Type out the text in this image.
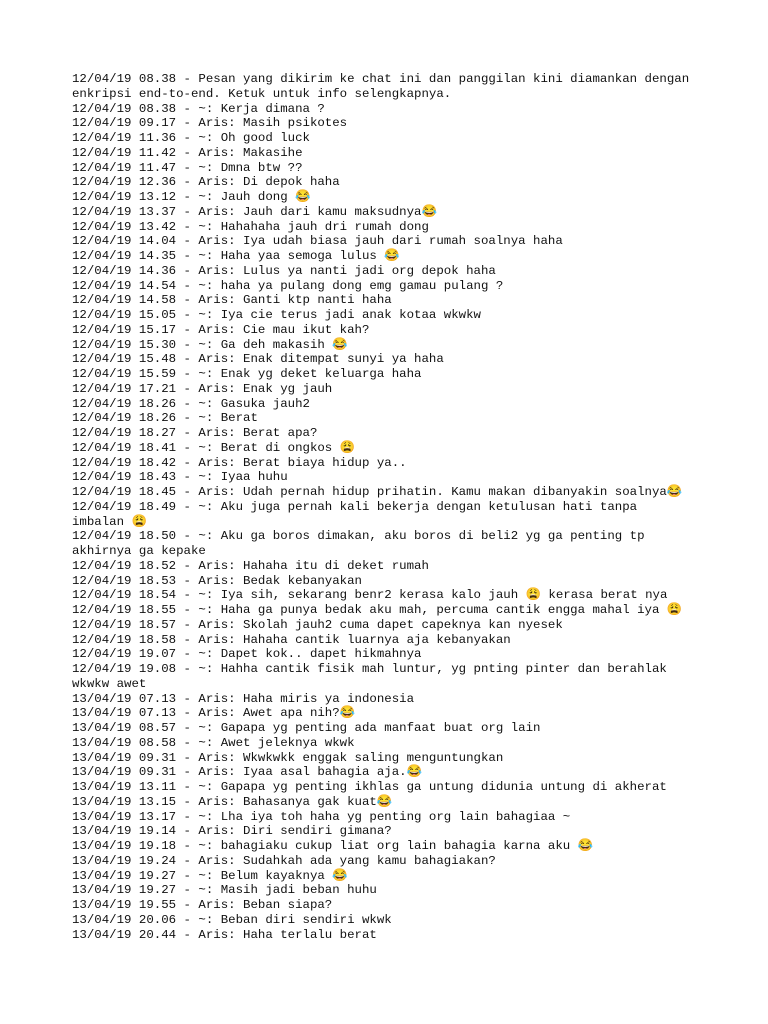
12/04/19 08.38 - Pesan yang dikirim ke chat ini dan panggilan kini diamankan dengan
enkripsi end-to-end. Ketuk untuk info selengkapnya.
12/04/19 08.38 - ~: Kerja dimana ?
12/04/19 09.17 - Aris: Masih psikotes
12/04/19 11.36 - ~: Oh good luck
12/04/19 11.42 - Aris: Makasihe
12/04/19 11.47 - ~: Dmna btw ??
12/04/19 12.36 - Aris: Di depok haha
12/04/19 13.12 - ~: Jauh dong 😂
12/04/19 13.37 - Aris: Jauh dari kamu maksudnya😂
12/04/19 13.42 - ~: Hahahaha jauh dri rumah dong
12/04/19 14.04 - Aris: Iya udah biasa jauh dari rumah soalnya haha
12/04/19 14.35 - ~: Haha yaa semoga lulus 😂
12/04/19 14.36 - Aris: Lulus ya nanti jadi org depok haha
12/04/19 14.54 - ~: haha ya pulang dong emg gamau pulang ?
12/04/19 14.58 - Aris: Ganti ktp nanti haha
12/04/19 15.05 - ~: Iya cie terus jadi anak kotaa wkwkw
12/04/19 15.17 - Aris: Cie mau ikut kah?
12/04/19 15.30 - ~: Ga deh makasih 😂
12/04/19 15.48 - Aris: Enak ditempat sunyi ya haha
12/04/19 15.59 - ~: Enak yg deket keluarga haha
12/04/19 17.21 - Aris: Enak yg jauh
12/04/19 18.26 - ~: Gasuka jauh2
12/04/19 18.26 - ~: Berat
12/04/19 18.27 - Aris: Berat apa?
12/04/19 18.41 - ~: Berat di ongkos 😩
12/04/19 18.42 - Aris: Berat biaya hidup ya..
12/04/19 18.43 - ~: Iyaa huhu
12/04/19 18.45 - Aris: Udah pernah hidup prihatin. Kamu makan dibanyakin soalnya😂
12/04/19 18.49 - ~: Aku juga pernah kali bekerja dengan ketulusan hati tanpa
imbalan 😩
12/04/19 18.50 - ~: Aku ga boros dimakan, aku boros di beli2 yg ga penting tp
akhirnya ga kepake
12/04/19 18.52 - Aris: Hahaha itu di deket rumah
12/04/19 18.53 - Aris: Bedak kebanyakan
12/04/19 18.54 - ~: Iya sih, sekarang benr2 kerasa kalo jauh 😩 kerasa berat nya
12/04/19 18.55 - ~: Haha ga punya bedak aku mah, percuma cantik engga mahal iya 😩
12/04/19 18.57 - Aris: Skolah jauh2 cuma dapet capeknya kan nyesek
12/04/19 18.58 - Aris: Hahaha cantik luarnya aja kebanyakan
12/04/19 19.07 - ~: Dapet kok.. dapet hikmahnya
12/04/19 19.08 - ~: Hahha cantik fisik mah luntur, yg pnting pinter dan berahlak
wkwkw awet
13/04/19 07.13 - Aris: Haha miris ya indonesia
13/04/19 07.13 - Aris: Awet apa nih?😂
13/04/19 08.57 - ~: Gapapa yg penting ada manfaat buat org lain
13/04/19 08.58 - ~: Awet jeleknya wkwk
13/04/19 09.31 - Aris: Wkwkwkk enggak saling menguntungkan
13/04/19 09.31 - Aris: Iyaa asal bahagia aja.😂
13/04/19 13.11 - ~: Gapapa yg penting ikhlas ga untung didunia untung di akherat
13/04/19 13.15 - Aris: Bahasanya gak kuat😂
13/04/19 13.17 - ~: Lha iya toh haha yg penting org lain bahagiaa ~
13/04/19 19.14 - Aris: Diri sendiri gimana?
13/04/19 19.18 - ~: bahagiaku cukup liat org lain bahagia karna aku 😂
13/04/19 19.24 - Aris: Sudahkah ada yang kamu bahagiakan?
13/04/19 19.27 - ~: Belum kayaknya 😂
13/04/19 19.27 - ~: Masih jadi beban huhu
13/04/19 19.55 - Aris: Beban siapa?
13/04/19 20.06 - ~: Beban diri sendiri wkwk
13/04/19 20.44 - Aris: Haha terlalu berat
